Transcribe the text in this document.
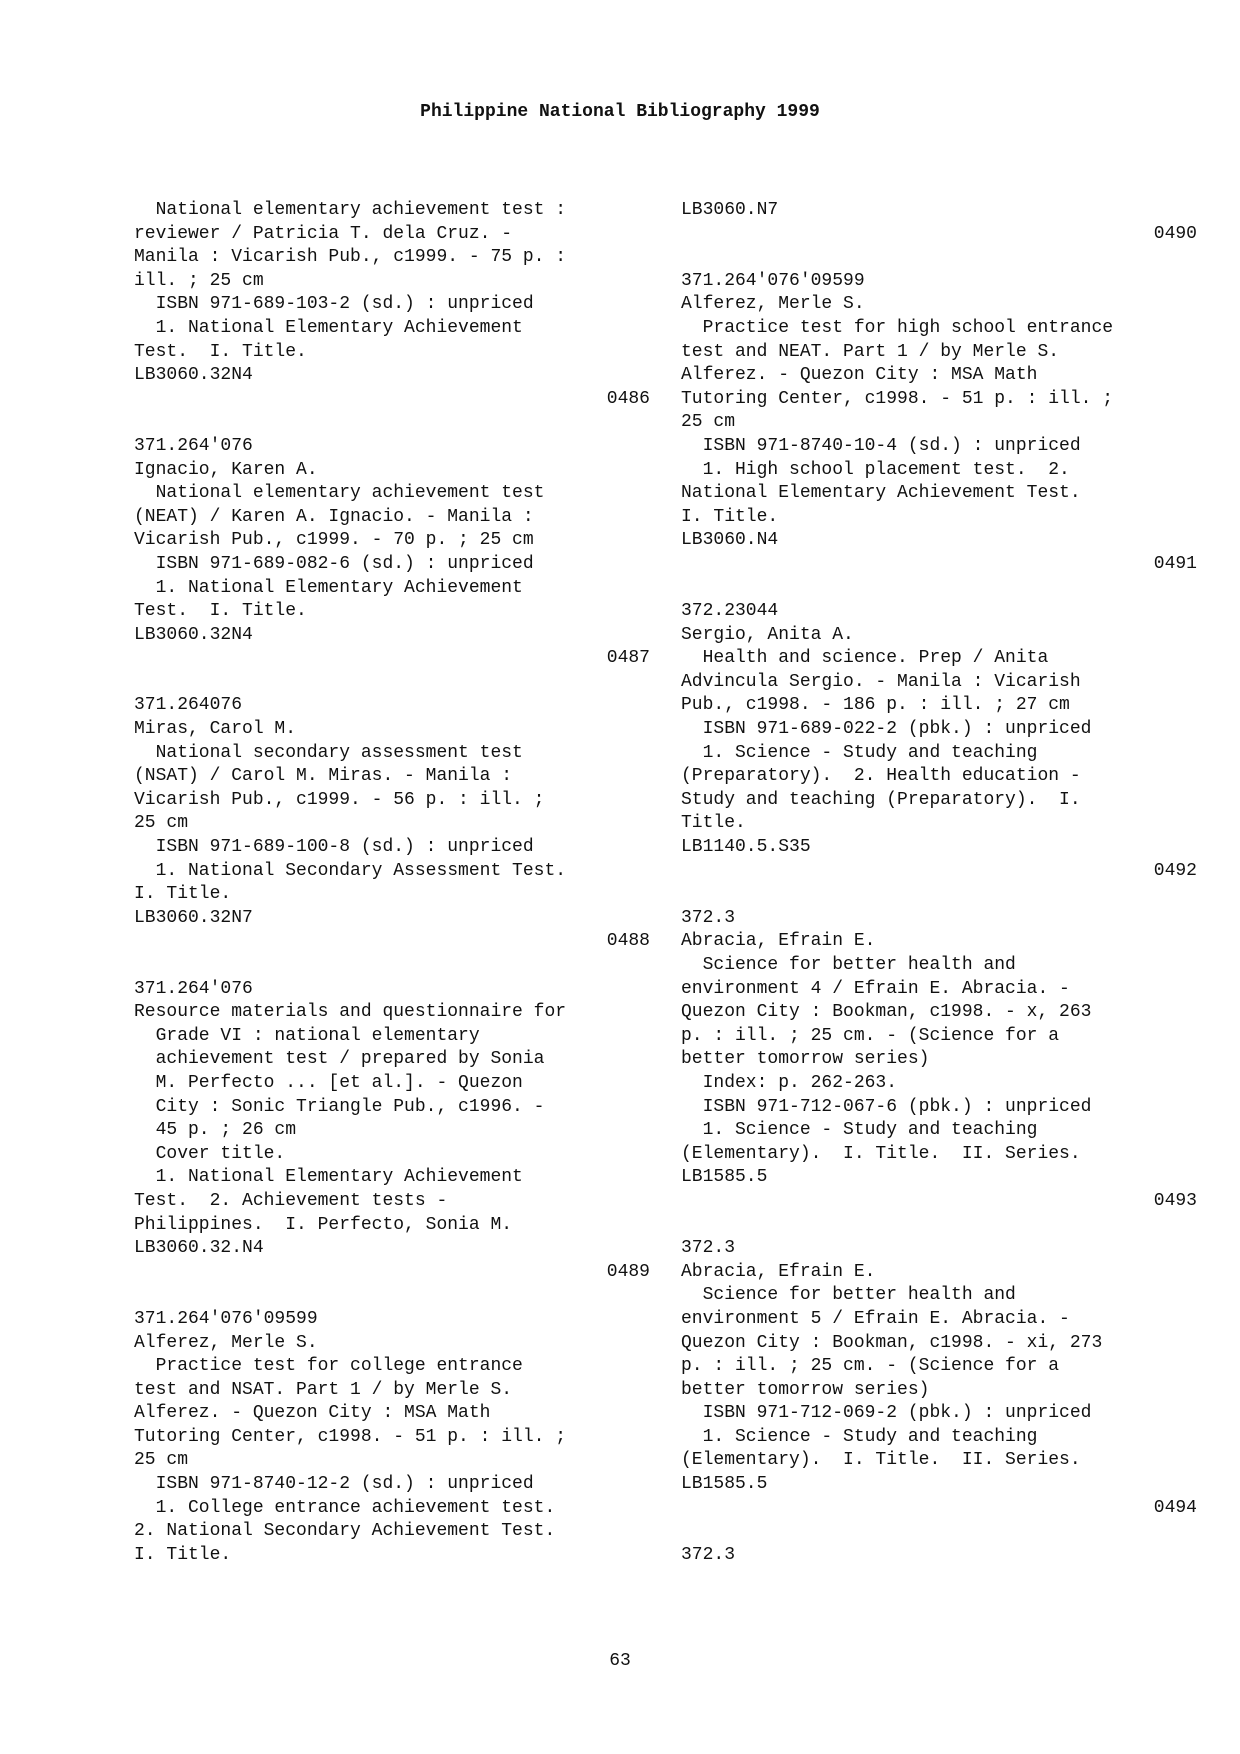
Philippine National Bibliography 1999
National elementary achievement test :
reviewer / Patricia T. dela Cruz. -
Manila : Vicarish Pub., c1999. - 75 p. :
ill. ; 25 cm
ISBN 971-689-103-2 (sd.) : unpriced
1. National Elementary Achievement
Test.  I. Title.
LB3060.32N4
0486
371.264'076
Ignacio, Karen A.
National elementary achievement test
(NEAT) / Karen A. Ignacio. - Manila :
Vicarish Pub., c1999. - 70 p. ; 25 cm
ISBN 971-689-082-6 (sd.) : unpriced
1. National Elementary Achievement
Test.  I. Title.
LB3060.32N4
0487
371.264076
Miras, Carol M.
National secondary assessment test
(NSAT) / Carol M. Miras. - Manila :
Vicarish Pub., c1999. - 56 p. : ill. ;
25 cm
ISBN 971-689-100-8 (sd.) : unpriced
1. National Secondary Assessment Test.
I. Title.
LB3060.32N7
0488
371.264'076
Resource materials and questionnaire for
Grade VI : national elementary
achievement test / prepared by Sonia
M. Perfecto ... [et al.]. - Quezon
City : Sonic Triangle Pub., c1996. -
45 p. ; 26 cm
Cover title.
1. National Elementary Achievement
Test.  2. Achievement tests -
Philippines.  I. Perfecto, Sonia M.
LB3060.32.N4
0489
371.264'076'09599
Alferez, Merle S.
Practice test for college entrance
test and NSAT. Part 1 / by Merle S.
Alferez. - Quezon City : MSA Math
Tutoring Center, c1998. - 51 p. : ill. ;
25 cm
ISBN 971-8740-12-2 (sd.) : unpriced
1. College entrance achievement test.
2. National Secondary Achievement Test.
I. Title.
LB3060.N7
0490
371.264'076'09599
Alferez, Merle S.
Practice test for high school entrance
test and NEAT. Part 1 / by Merle S.
Alferez. - Quezon City : MSA Math
Tutoring Center, c1998. - 51 p. : ill. ;
25 cm
ISBN 971-8740-10-4 (sd.) : unpriced
1. High school placement test.  2.
National Elementary Achievement Test.
I. Title.
LB3060.N4
0491
372.23044
Sergio, Anita A.
Health and science. Prep / Anita
Advincula Sergio. - Manila : Vicarish
Pub., c1998. - 186 p. : ill. ; 27 cm
ISBN 971-689-022-2 (pbk.) : unpriced
1. Science - Study and teaching
(Preparatory).  2. Health education -
Study and teaching (Preparatory).  I.
Title.
LB1140.5.S35
0492
372.3
Abracia, Efrain E.
Science for better health and
environment 4 / Efrain E. Abracia. -
Quezon City : Bookman, c1998. - x, 263
p. : ill. ; 25 cm. - (Science for a
better tomorrow series)
Index: p. 262-263.
ISBN 971-712-067-6 (pbk.) : unpriced
1. Science - Study and teaching
(Elementary).  I. Title.  II. Series.
LB1585.5
0493
372.3
Abracia, Efrain E.
Science for better health and
environment 5 / Efrain E. Abracia. -
Quezon City : Bookman, c1998. - xi, 273
p. : ill. ; 25 cm. - (Science for a
better tomorrow series)
ISBN 971-712-069-2 (pbk.) : unpriced
1. Science - Study and teaching
(Elementary).  I. Title.  II. Series.
LB1585.5
0494
372.3
63
